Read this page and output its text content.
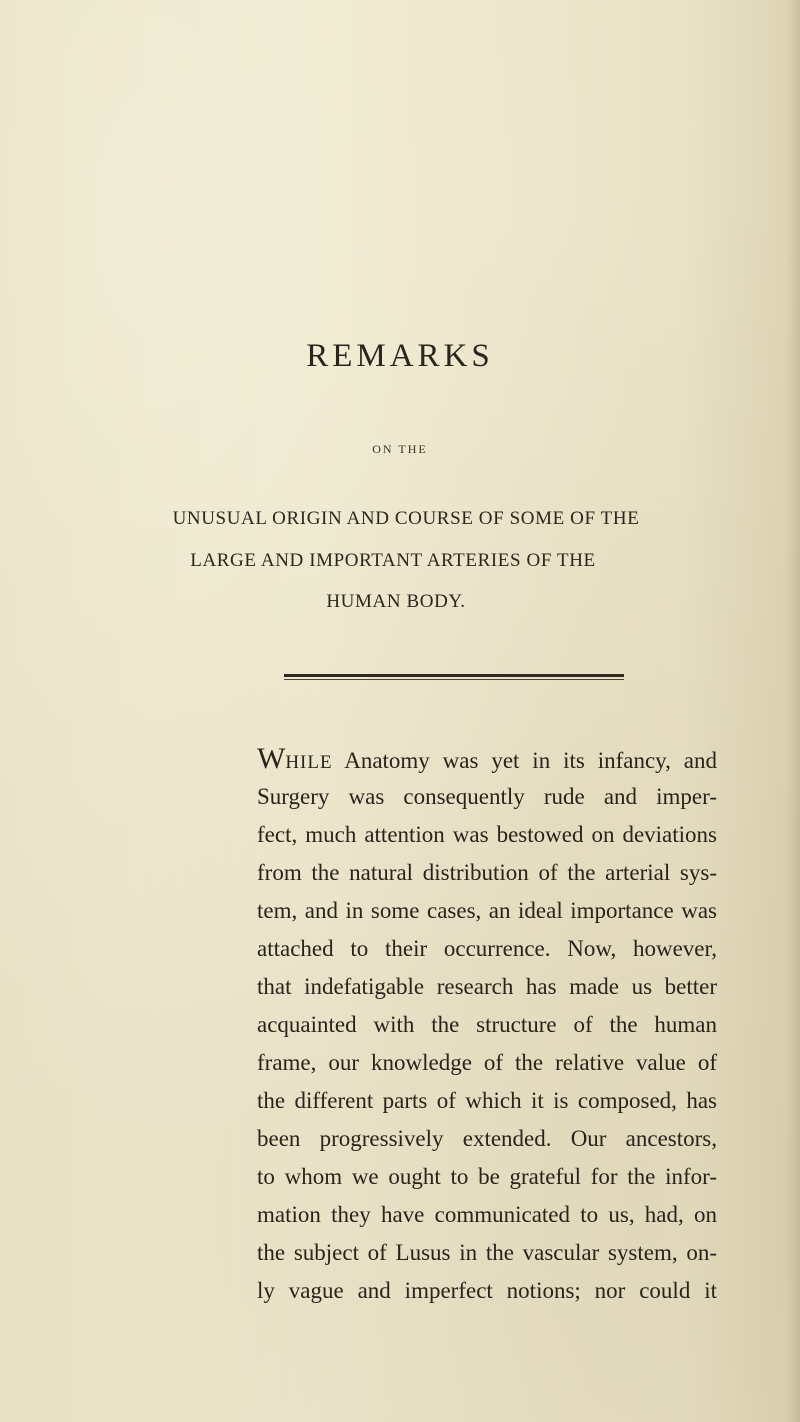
REMARKS

ON THE

UNUSUAL ORIGIN AND COURSE OF SOME OF THE

LARGE AND IMPORTANT ARTERIES OF THE

HUMAN BODY.

WHILE Anatomy was yet in its infancy, and
Surgery was consequently rude and imper-
fect, much attention was bestowed on deviations
from the natural distribution of the arterial sys-
tem, and in some cases, an ideal importance was
attached to their occurrence. Now, however,
that indefatigable research has made us better
acquainted with the structure of the human
frame, our knowledge of the relative value of
the different parts of which it is composed, has
been progressively extended. Our ancestors,
to whom we ought to be grateful for the infor-
mation they have communicated to us, had, on
the subject of Lusus in the vascular system, on-
ly vague and imperfect notions; nor could it
